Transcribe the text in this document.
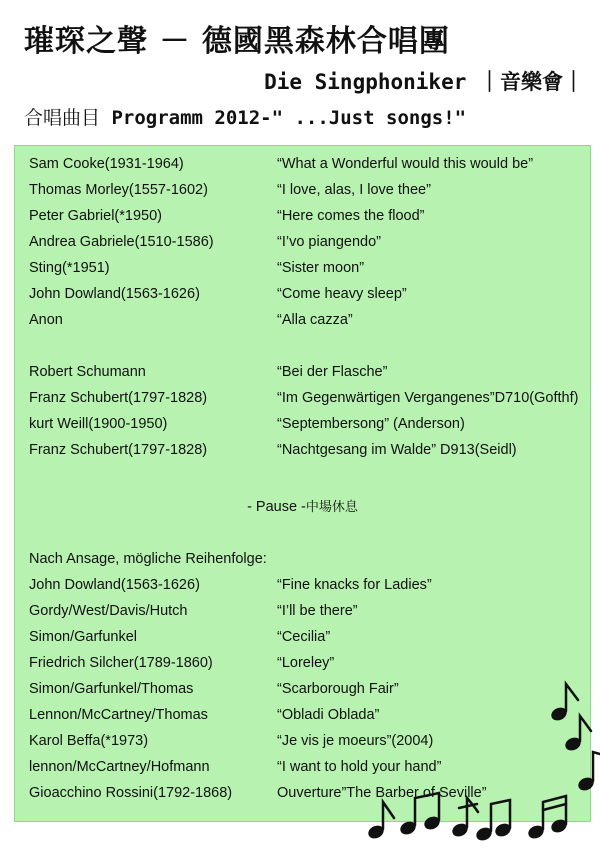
璀琛之聲 － 德國黑森林合唱團
Die Singphoniker ｜音樂會｜
合唱曲目 Programm 2012-" ...Just songs!"
Sam Cooke(1931-1964)	“What a Wonderful would this would be”
Thomas Morley(1557-1602)	“I love, alas, I love thee”
Peter Gabriel(*1950)	“Here comes the flood”
Andrea Gabriele(1510-1586)	“I’vo piangendo”
Sting(*1951)	“Sister moon”
John Dowland(1563-1626)	“Come heavy sleep”
Anon	“Alla cazza”
Robert Schumann	“Bei der Flasche”
Franz Schubert(1797-1828)	“Im Gegenwärtigen Vergangenes”D710(Gofthf)
kurt Weill(1900-1950)	“Septembersong” (Anderson)
Franz Schubert(1797-1828)	“Nachtgesang im Walde” D913(Seidl)
- Pause -中場休息
Nach Ansage, mögliche Reihenfolge:
John Dowland(1563-1626)	“Fine knacks for Ladies”
Gordy/West/Davis/Hutch	“I’ll be there”
Simon/Garfunkel	“Cecilia”
Friedrich Silcher(1789-1860)	“Loreley”
Simon/Garfunkel/Thomas	“Scarborough Fair”
Lennon/McCartney/Thomas	“Obladi Oblada”
Karol Beffa(*1973)	“Je vis je moeurs”(2004)
lennon/McCartney/Hofmann	“I want to hold your hand”
Gioacchino Rossini(1792-1868)	Ouverture”The Barber of Seville”
